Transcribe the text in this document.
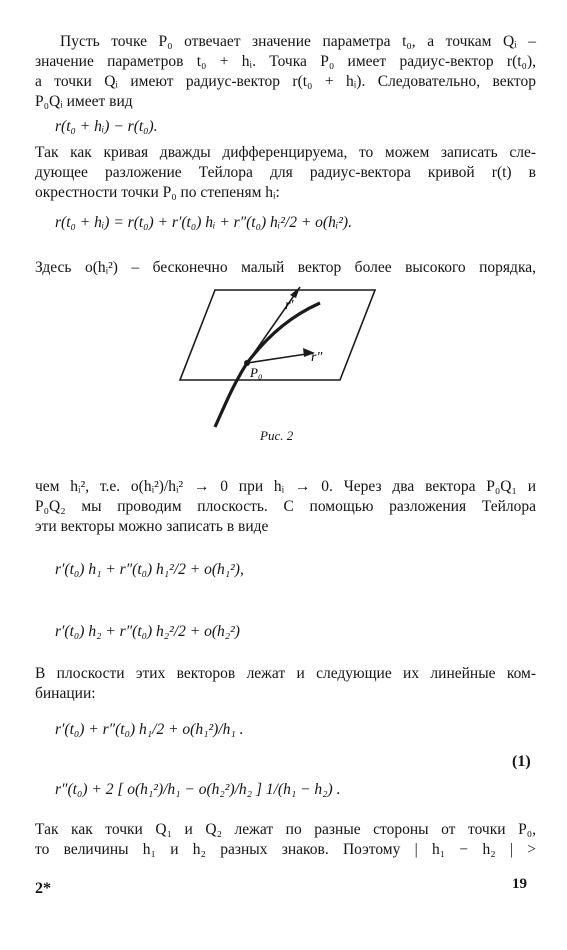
Пусть точке P₀ отвечает значение параметра t₀, а точкам Qᵢ –
значение параметров t₀ + hᵢ. Точка P₀ имеет радиус-вектор r(t₀),
а точки Qᵢ имеют радиус-вектор r(t₀ + hᵢ). Следовательно, вектор
P₀Qᵢ имеет вид
r(t₀ + hᵢ) − r(t₀).
Так как кривая дважды дифференцируема, то можем записать сле-
дующее разложение Тейлора для радиус-вектора кривой r(t) в
окрестности точки P₀ по степеням hᵢ:
r(t₀ + hᵢ) = r(t₀) + r′(t₀) hᵢ + r″(t₀) hᵢ²/2 + o(hᵢ²).
Здесь o(hᵢ²) – бесконечно малый вектор более высокого порядка,
r′
r″
P₀
Рис. 2
чем hᵢ², т.е. o(hᵢ²)/hᵢ² → 0 при hᵢ → 0. Через два вектора P₀Q₁ и
P₀Q₂ мы проводим плоскость. С помощью разложения Тейлора
эти векторы можно записать в виде
r′(t₀) h₁ + r″(t₀) h₁²/2 + o(h₁²),
r′(t₀) h₂ + r″(t₀) h₂²/2 + o(h₂²)
В плоскости этих векторов лежат и следующие их линейные ком-
бинации:
r′(t₀) + r″(t₀) h₁/2 + o(h₁²)/h₁ .
r″(t₀) + 2 [ o(h₁²)/h₁ − o(h₂²)/h₂ ] 1/(h₁ − h₂) .
(1)
Так как точки Q₁ и Q₂ лежат по разные стороны от точки P₀,
то величины h₁ и h₂ разных знаков. Поэтому | h₁ − h₂ | >
2*	19
